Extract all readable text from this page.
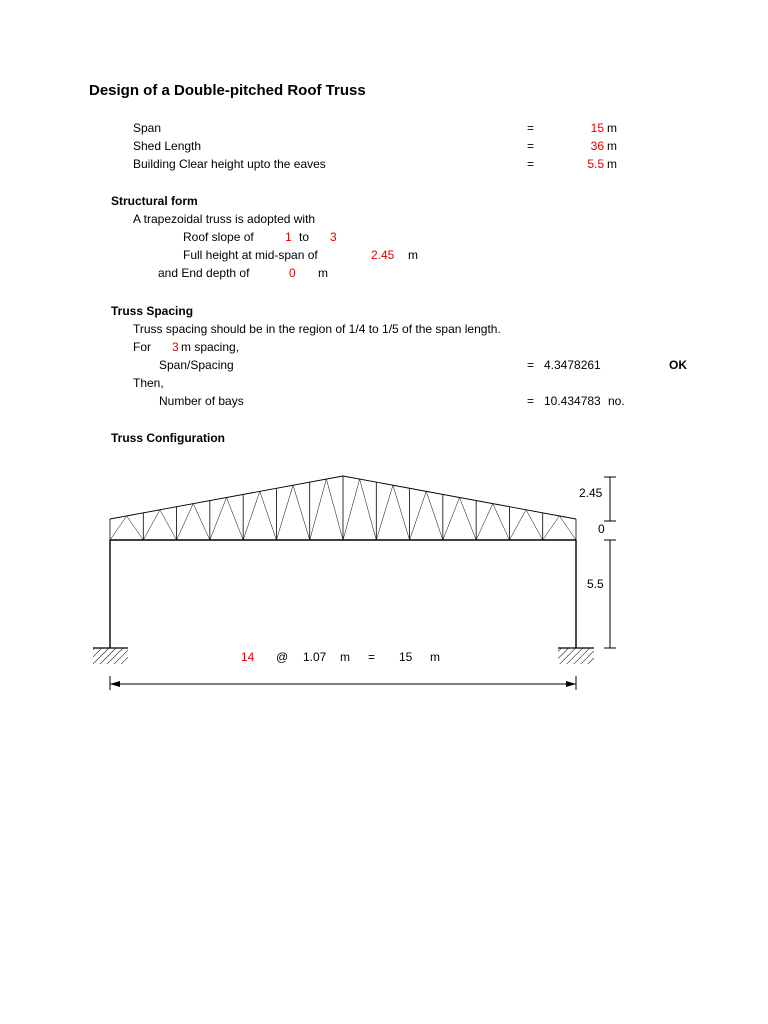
Design of a Double-pitched Roof Truss
Span	=	15 m
Shed Length	=	36 m
Building Clear height upto the eaves	=	5.5 m
Structural form
A trapezoidal truss is adopted with
Roof slope of	1 to 3
Full height at mid-span of	2.45 m
and End depth of	0 m
Truss Spacing
Truss spacing should be in the region of 1/4 to 1/5 of the span length.
For 3 m spacing,
Span/Spacing	= 4.3478261	OK
Then,
Number of bays	= 10.434783 no.
Truss Configuration
2.45
0
5.5
14 @ 1.07 m = 15 m
